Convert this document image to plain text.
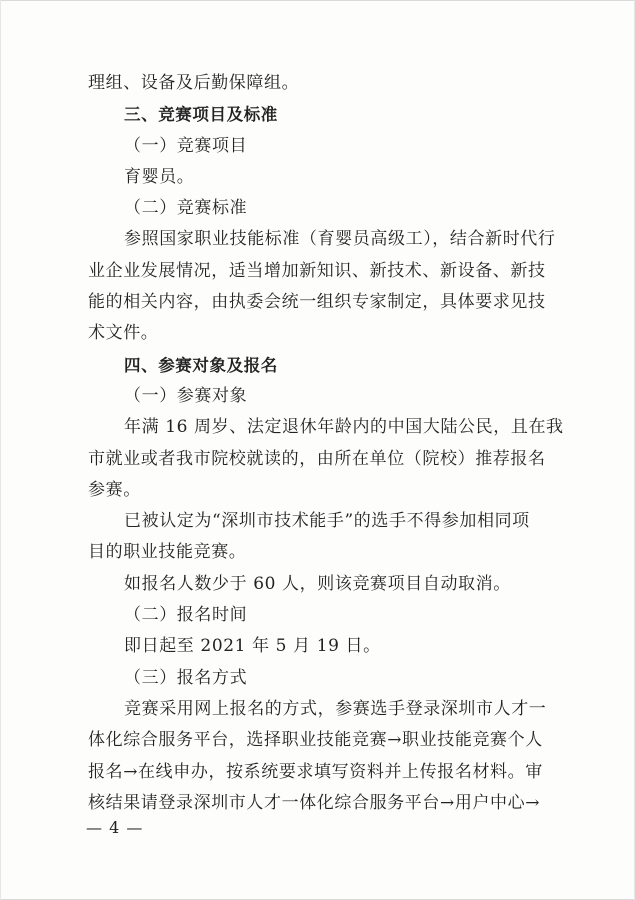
理组、设备及后勤保障组。
三、竞赛项目及标准
（一）竞赛项目
育婴员。
（二）竞赛标准
参照国家职业技能标准（育婴员高级工），结合新时代行
业企业发展情况，适当增加新知识、新技术、新设备、新技
能的相关内容，由执委会统一组织专家制定，具体要求见技
术文件。
四、参赛对象及报名
（一）参赛对象
年满 16 周岁、法定退休年龄内的中国大陆公民，且在我
市就业或者我市院校就读的，由所在单位（院校）推荐报名
参赛。
已被认定为“深圳市技术能手”的选手不得参加相同项
目的职业技能竞赛。
如报名人数少于 60 人，则该竞赛项目自动取消。
（二）报名时间
即日起至 2021 年 5 月 19 日。
（三）报名方式
竞赛采用网上报名的方式，参赛选手登录深圳市人才一
体化综合服务平台，选择职业技能竞赛→职业技能竞赛个人
报名→在线申办，按系统要求填写资料并上传报名材料。审
核结果请登录深圳市人才一体化综合服务平台→用户中心→
— 4 —
